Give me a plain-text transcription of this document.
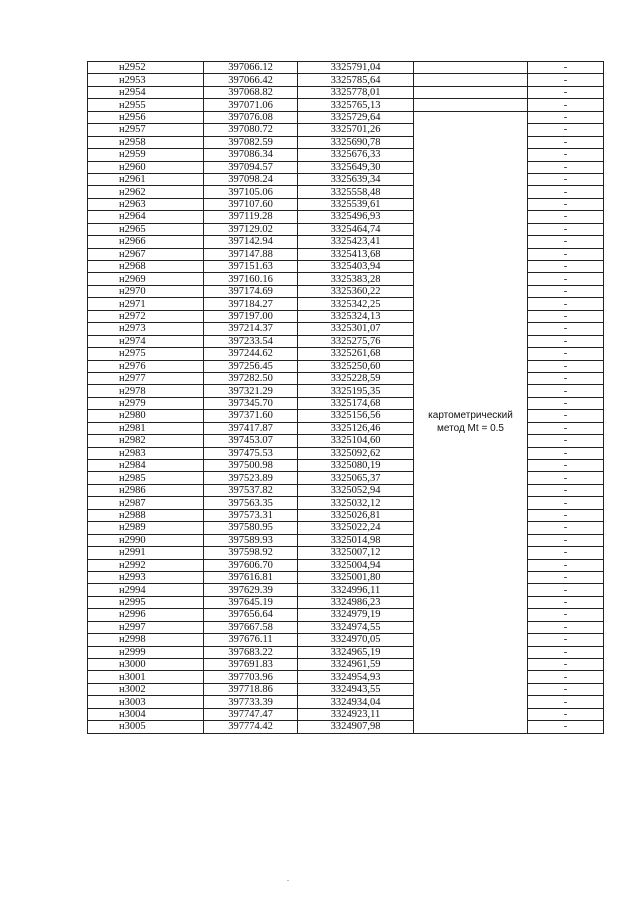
н2952	397066.12	3325791,04		-
н2953	397066.42	3325785,64		-
н2954	397068.82	3325778,01		-
н2955	397071.06	3325765,13		-
н2956	397076.08	3325729,64	картометрический метод Mt = 0.5	-
н2957	397080.72	3325701,26		-
н2958	397082.59	3325690,78		-
н2959	397086.34	3325676,33		-
н2960	397094.57	3325649,30		-
н2961	397098.24	3325639,34		-
н2962	397105.06	3325558,48		-
н2963	397107.60	3325539,61		-
н2964	397119.28	3325496,93		-
н2965	397129.02	3325464,74		-
н2966	397142.94	3325423,41		-
н2967	397147.88	3325413,68		-
н2968	397151.63	3325403,94		-
н2969	397160.16	3325383,28		-
н2970	397174.69	3325360,22		-
н2971	397184.27	3325342,25		-
н2972	397197.00	3325324,13		-
н2973	397214.37	3325301,07		-
н2974	397233.54	3325275,76		-
н2975	397244.62	3325261,68		-
н2976	397256.45	3325250,60		-
н2977	397282.50	3325228,59		-
н2978	397321.29	3325195,35		-
н2979	397345.70	3325174,68		-
н2980	397371.60	3325156,56		-
н2981	397417.87	3325126,46		-
н2982	397453.07	3325104,60		-
н2983	397475.53	3325092,62		-
н2984	397500.98	3325080,19		-
н2985	397523.89	3325065,37		-
н2986	397537.82	3325052,94		-
н2987	397563.35	3325032,12		-
н2988	397573.31	3325026,81		-
н2989	397580.95	3325022,24		-
н2990	397589.93	3325014,98		-
н2991	397598.92	3325007,12		-
н2992	397606.70	3325004,94		-
н2993	397616.81	3325001,80		-
н2994	397629.39	3324996,11		-
н2995	397645.19	3324986,23		-
н2996	397656.64	3324979,19		-
н2997	397667.58	3324974,55		-
н2998	397676.11	3324970,05		-
н2999	397683.22	3324965,19		-
н3000	397691.83	3324961,59		-
н3001	397703.96	3324954,93		-
н3002	397718.86	3324943,55		-
н3003	397733.39	3324934,04		-
н3004	397747.47	3324923,11		-
н3005	397774.42	3324907,98		-
